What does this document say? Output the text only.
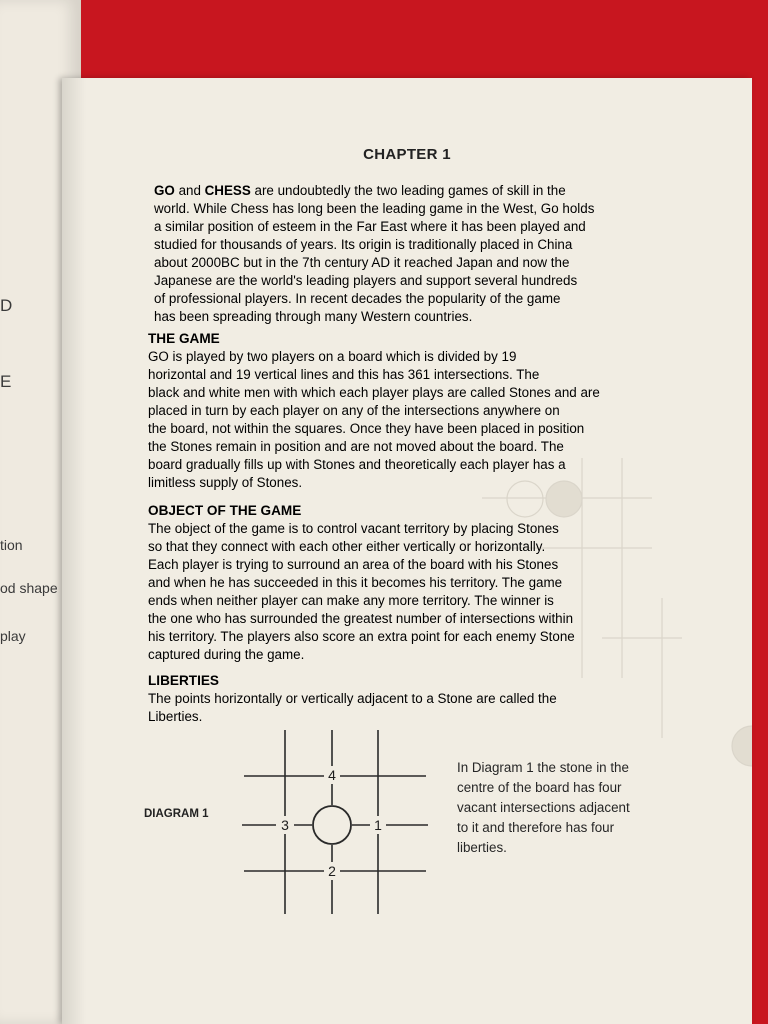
D
E
tion
od shape
play
CHAPTER 1

GO and CHESS are undoubtedly the two leading games of skill in the

world. While Chess has long been the leading game in the West, Go holds

a similar position of esteem in the Far East where it has been played and

studied for thousands of years. Its origin is traditionally placed in China

about 2000BC but in the 7th century AD it reached Japan and now the

Japanese are the world's leading players and support several hundreds

of professional players. In recent decades the popularity of the game

has been spreading through many Western countries.

THE GAME

GO is played by two players on a board which is divided by 19

horizontal and 19 vertical lines and this has 361 intersections. The

black and white men with which each player plays are called Stones and are

placed in turn by each player on any of the intersections anywhere on

the board, not within the squares. Once they have been placed in position

the Stones remain in position and are not moved about the board. The

board gradually fills up with Stones and theoretically each player has a

limitless supply of Stones.

OBJECT OF THE GAME

The object of the game is to control vacant territory by placing Stones

so that they connect with each other either vertically or horizontally.

Each player is trying to surround an area of the board with his Stones

and when he has succeeded in this it becomes his territory. The game

ends when neither player can make any more territory. The winner is

the one who has surrounded the greatest number of intersections within

his territory. The players also score an extra point for each enemy Stone

captured during the game.

LIBERTIES

The points horizontally or vertically adjacent to a Stone are called the

Liberties.

DIAGRAM 1
4
3	1
2
In Diagram 1 the stone in the
centre of the board has four
vacant intersections adjacent
to it and therefore has four
liberties.
